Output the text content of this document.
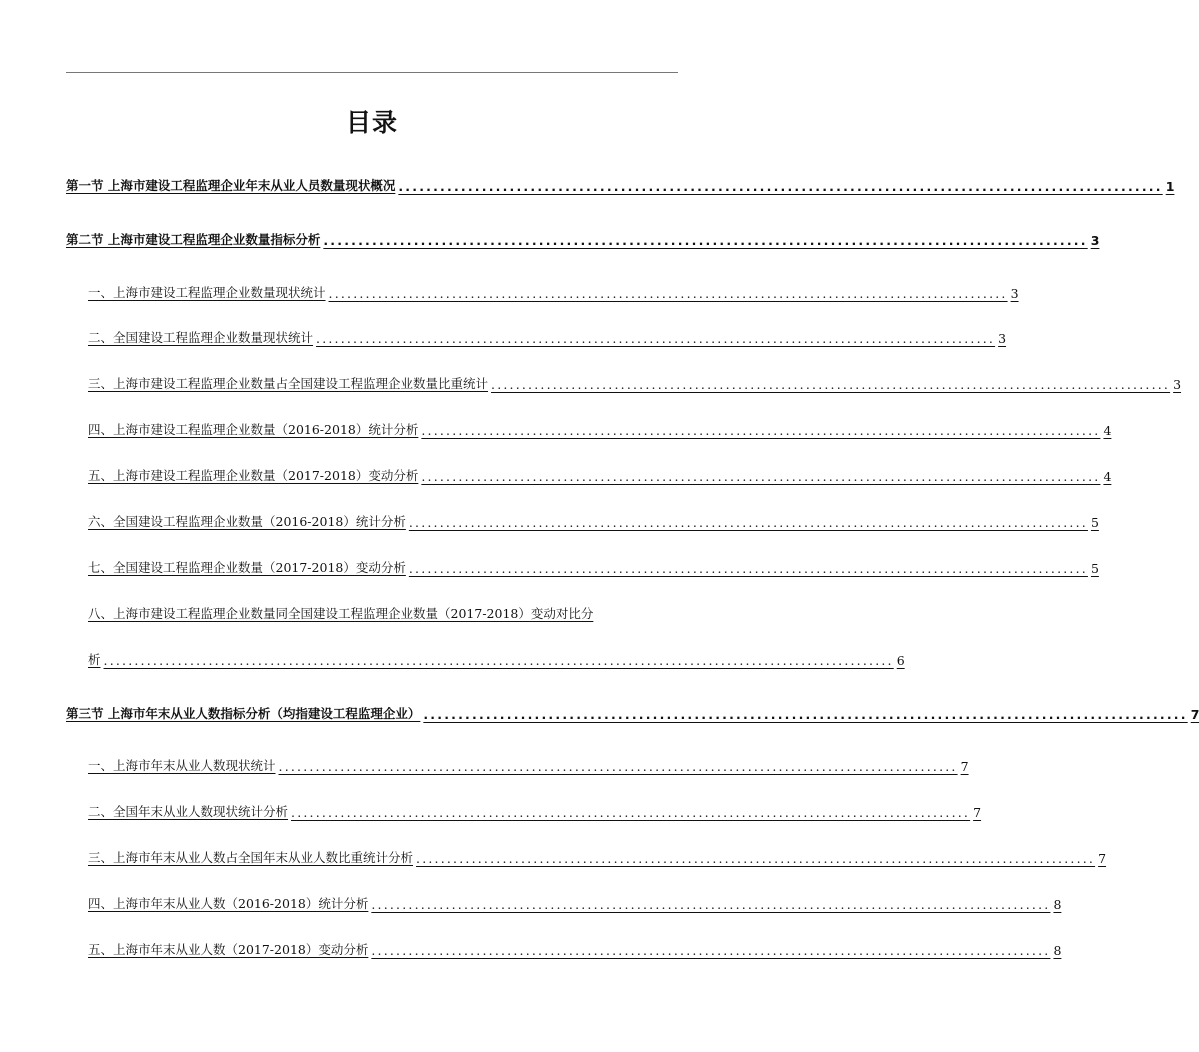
目录
第一节 上海市建设工程监理企业年末从业人员数量现状概况 .............................................................................................................. 1
第二节 上海市建设工程监理企业数量指标分析 .............................................................................................................. 3
一、上海市建设工程监理企业数量现状统计 .............................................................................................................. 3
二、全国建设工程监理企业数量现状统计 .............................................................................................................. 3
三、上海市建设工程监理企业数量占全国建设工程监理企业数量比重统计 .............................................................................................................. 3
四、上海市建设工程监理企业数量（2016-2018）统计分析 .............................................................................................................. 4
五、上海市建设工程监理企业数量（2017-2018）变动分析 .............................................................................................................. 4
六、全国建设工程监理企业数量（2016-2018）统计分析 .............................................................................................................. 5
七、全国建设工程监理企业数量（2017-2018）变动分析 .............................................................................................................. 5
八、上海市建设工程监理企业数量同全国建设工程监理企业数量（2017-2018）变动对比分
析 ................................................................................................................................ 6
第三节 上海市年末从业人数指标分析（均指建设工程监理企业） .............................................................................................................. 7
一、上海市年末从业人数现状统计 .............................................................................................................. 7
二、全国年末从业人数现状统计分析 .............................................................................................................. 7
三、上海市年末从业人数占全国年末从业人数比重统计分析 .............................................................................................................. 7
四、上海市年末从业人数（2016-2018）统计分析 .............................................................................................................. 8
五、上海市年末从业人数（2017-2018）变动分析 .............................................................................................................. 8
